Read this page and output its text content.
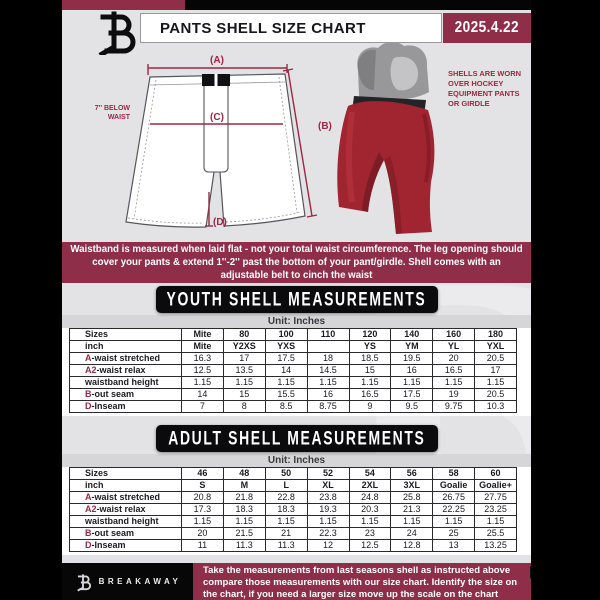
PANTS SHELL SIZE CHART	2025.4.22
(A)
(B)
(C)
(D)
7'' BELOW WAIST
SHELLS ARE WORN OVER HOCKEY EQUIPMENT PANTS OR GIRDLE

Waistband is measured when laid flat - not your total waist circumference. The leg opening should cover your pants & extend 1''-2'' past the bottom of your pant/girdle. Shell comes with an adjustable belt to cinch the waist

YOUTH SHELL MEASUREMENTS
Unit: Inches
Sizes	Mite	80	100	110	120	140	160	180
inch	Mite	Y2XS	YXS		YS	YM	YL	YXL
A-waist stretched	16.3	17	17.5	18	18.5	19.5	20	20.5
A2-waist relax	12.5	13.5	14	14.5	15	16	16.5	17
waistband height	1.15	1.15	1.15	1.15	1.15	1.15	1.15	1.15
B-out seam	14	15	15.5	16	16.5	17.5	19	20.5
D-Inseam	7	8	8.5	8.75	9	9.5	9.75	10.3
ADULT SHELL MEASUREMENTS
Unit: Inches
Sizes	46	48	50	52	54	56	58	60
inch	S	M	L	XL	2XL	3XL	Goalie	Goalie+
A-waist stretched	20.8	21.8	22.8	23.8	24.8	25.8	26.75	27.75
A2-waist relax	17.3	18.3	18.3	19.3	20.3	21.3	22.25	23.25
waistband height	1.15	1.15	1.15	1.15	1.15	1.15	1.15	1.15
B-out seam	20	21.5	21	22.3	23	24	25	25.5
D-Inseam	11	11.3	11.3	12	12.5	12.8	13	13.25
BREAKAWAY

Take the measurements from last seasons shell as instructed above compare those measurements with our size chart. Identify the size on the chart, if you need a larger size move up the scale on the chart
